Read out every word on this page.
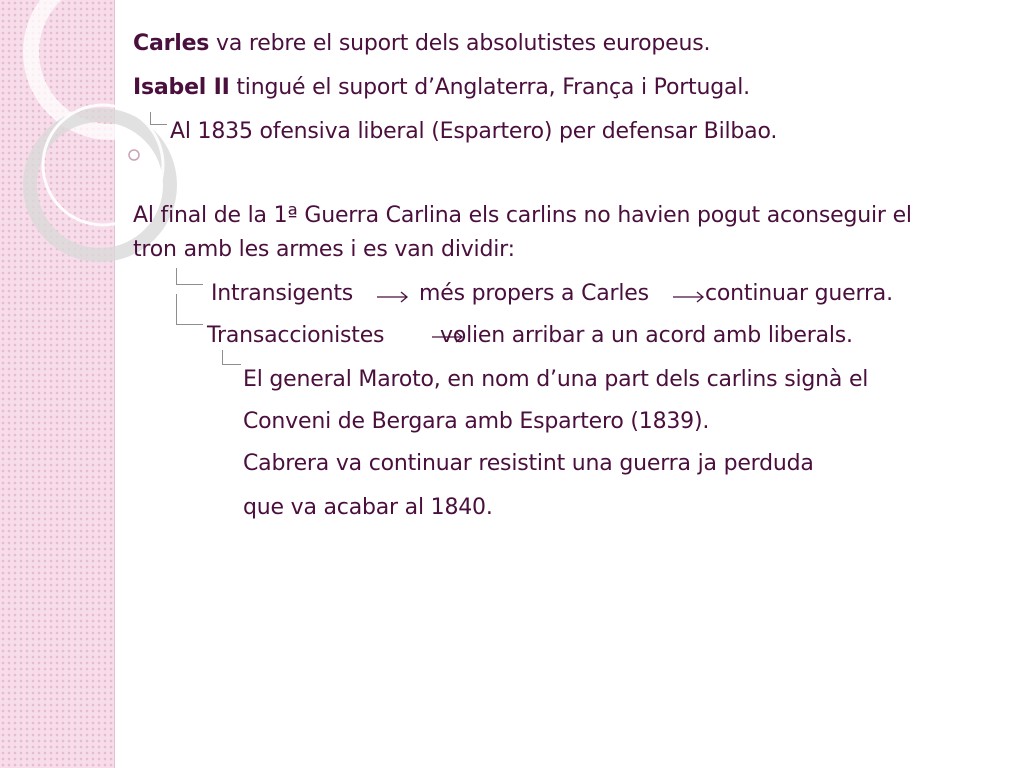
Carles va rebre el suport dels absolutistes europeus.
Isabel II tingué el suport d’Anglaterra, França i Portugal.
Al 1835 ofensiva liberal (Espartero) per defensar Bilbao.
Al final de la 1ª Guerra Carlina els carlins no havien pogut aconseguir el
tron amb les armes i es van dividir:
Intransigents	més propers a Carles	continuar guerra.
Transaccionistes	volien arribar a un acord amb liberals.
El general Maroto, en nom d’una part dels carlins signà el
Conveni de Bergara amb Espartero (1839).
Cabrera va continuar resistint una guerra ja perduda
que va acabar al 1840.
